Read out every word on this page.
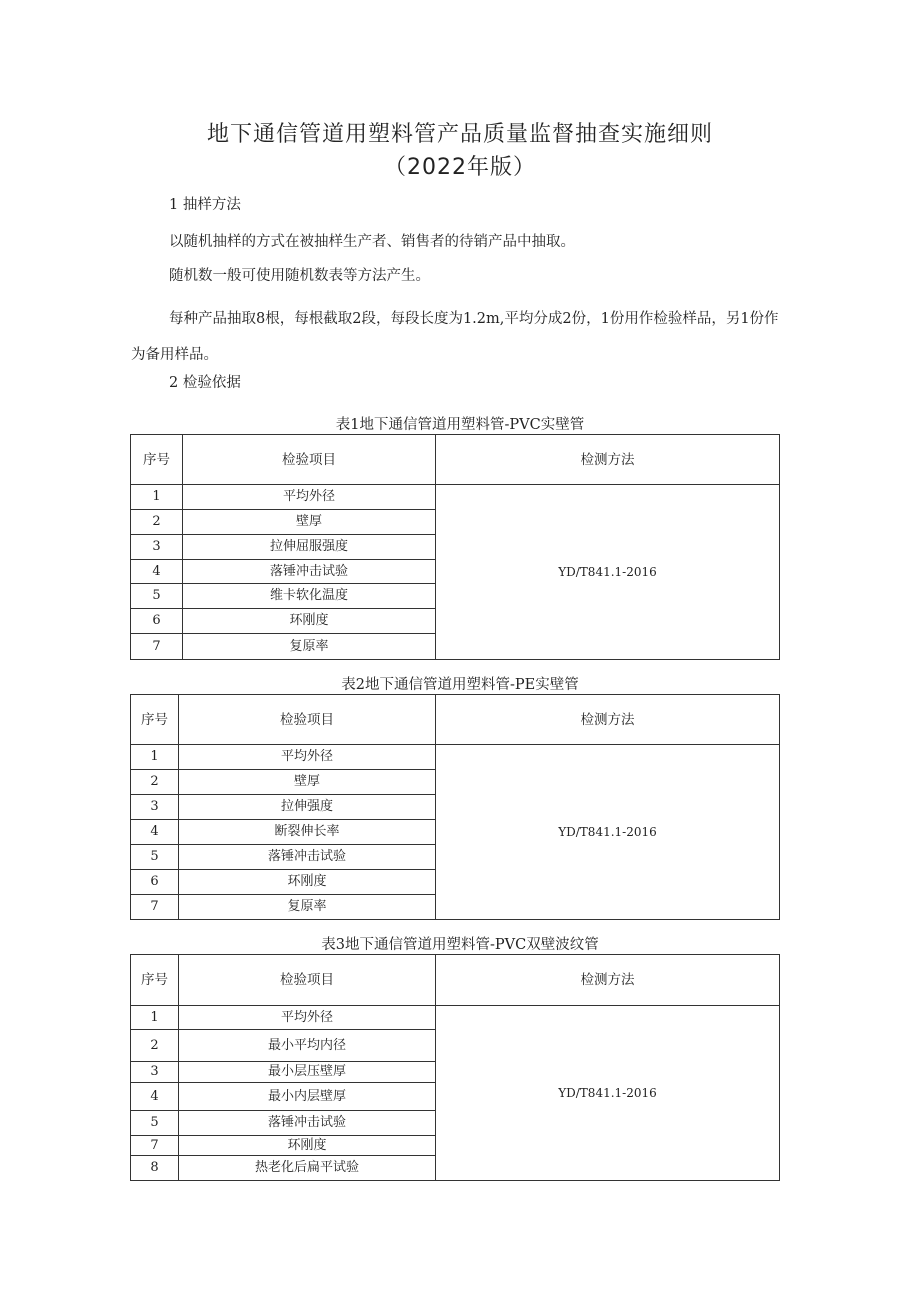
地下通信管道用塑料管产品质量监督抽查实施细则
（2022年版）
1 抽样方法
以随机抽样的方式在被抽样生产者、销售者的待销产品中抽取。
随机数一般可使用随机数表等方法产生。
每种产品抽取8根，每根截取2段，每段长度为1.2m,平均分成2份，1份用作检验样品，另1份作为备用样品。
2 检验依据
表1地下通信管道用塑料管-PVC实壁管
序号	检验项目	检测方法
1	平均外径	YD/T841.1-2016
2	壁厚	
3	拉伸屈服强度	
4	落锤冲击试验	
5	维卡软化温度	
6	环刚度	
7	复原率	
表2地下通信管道用塑料管-PE实壁管
序号	检验项目	检测方法
1	平均外径	YD/T841.1-2016
2	壁厚	
3	拉伸强度	
4	断裂伸长率	
5	落锤冲击试验	
6	环刚度	
7	复原率	
表3地下通信管道用塑料管-PVC双壁波纹管
序号	检验项目	检测方法
1	平均外径	YD/T841.1-2016
2	最小平均内径	
3	最小层压壁厚	
4	最小内层壁厚	
5	落锤冲击试验	
7	环刚度	
8	热老化后扁平试验	
